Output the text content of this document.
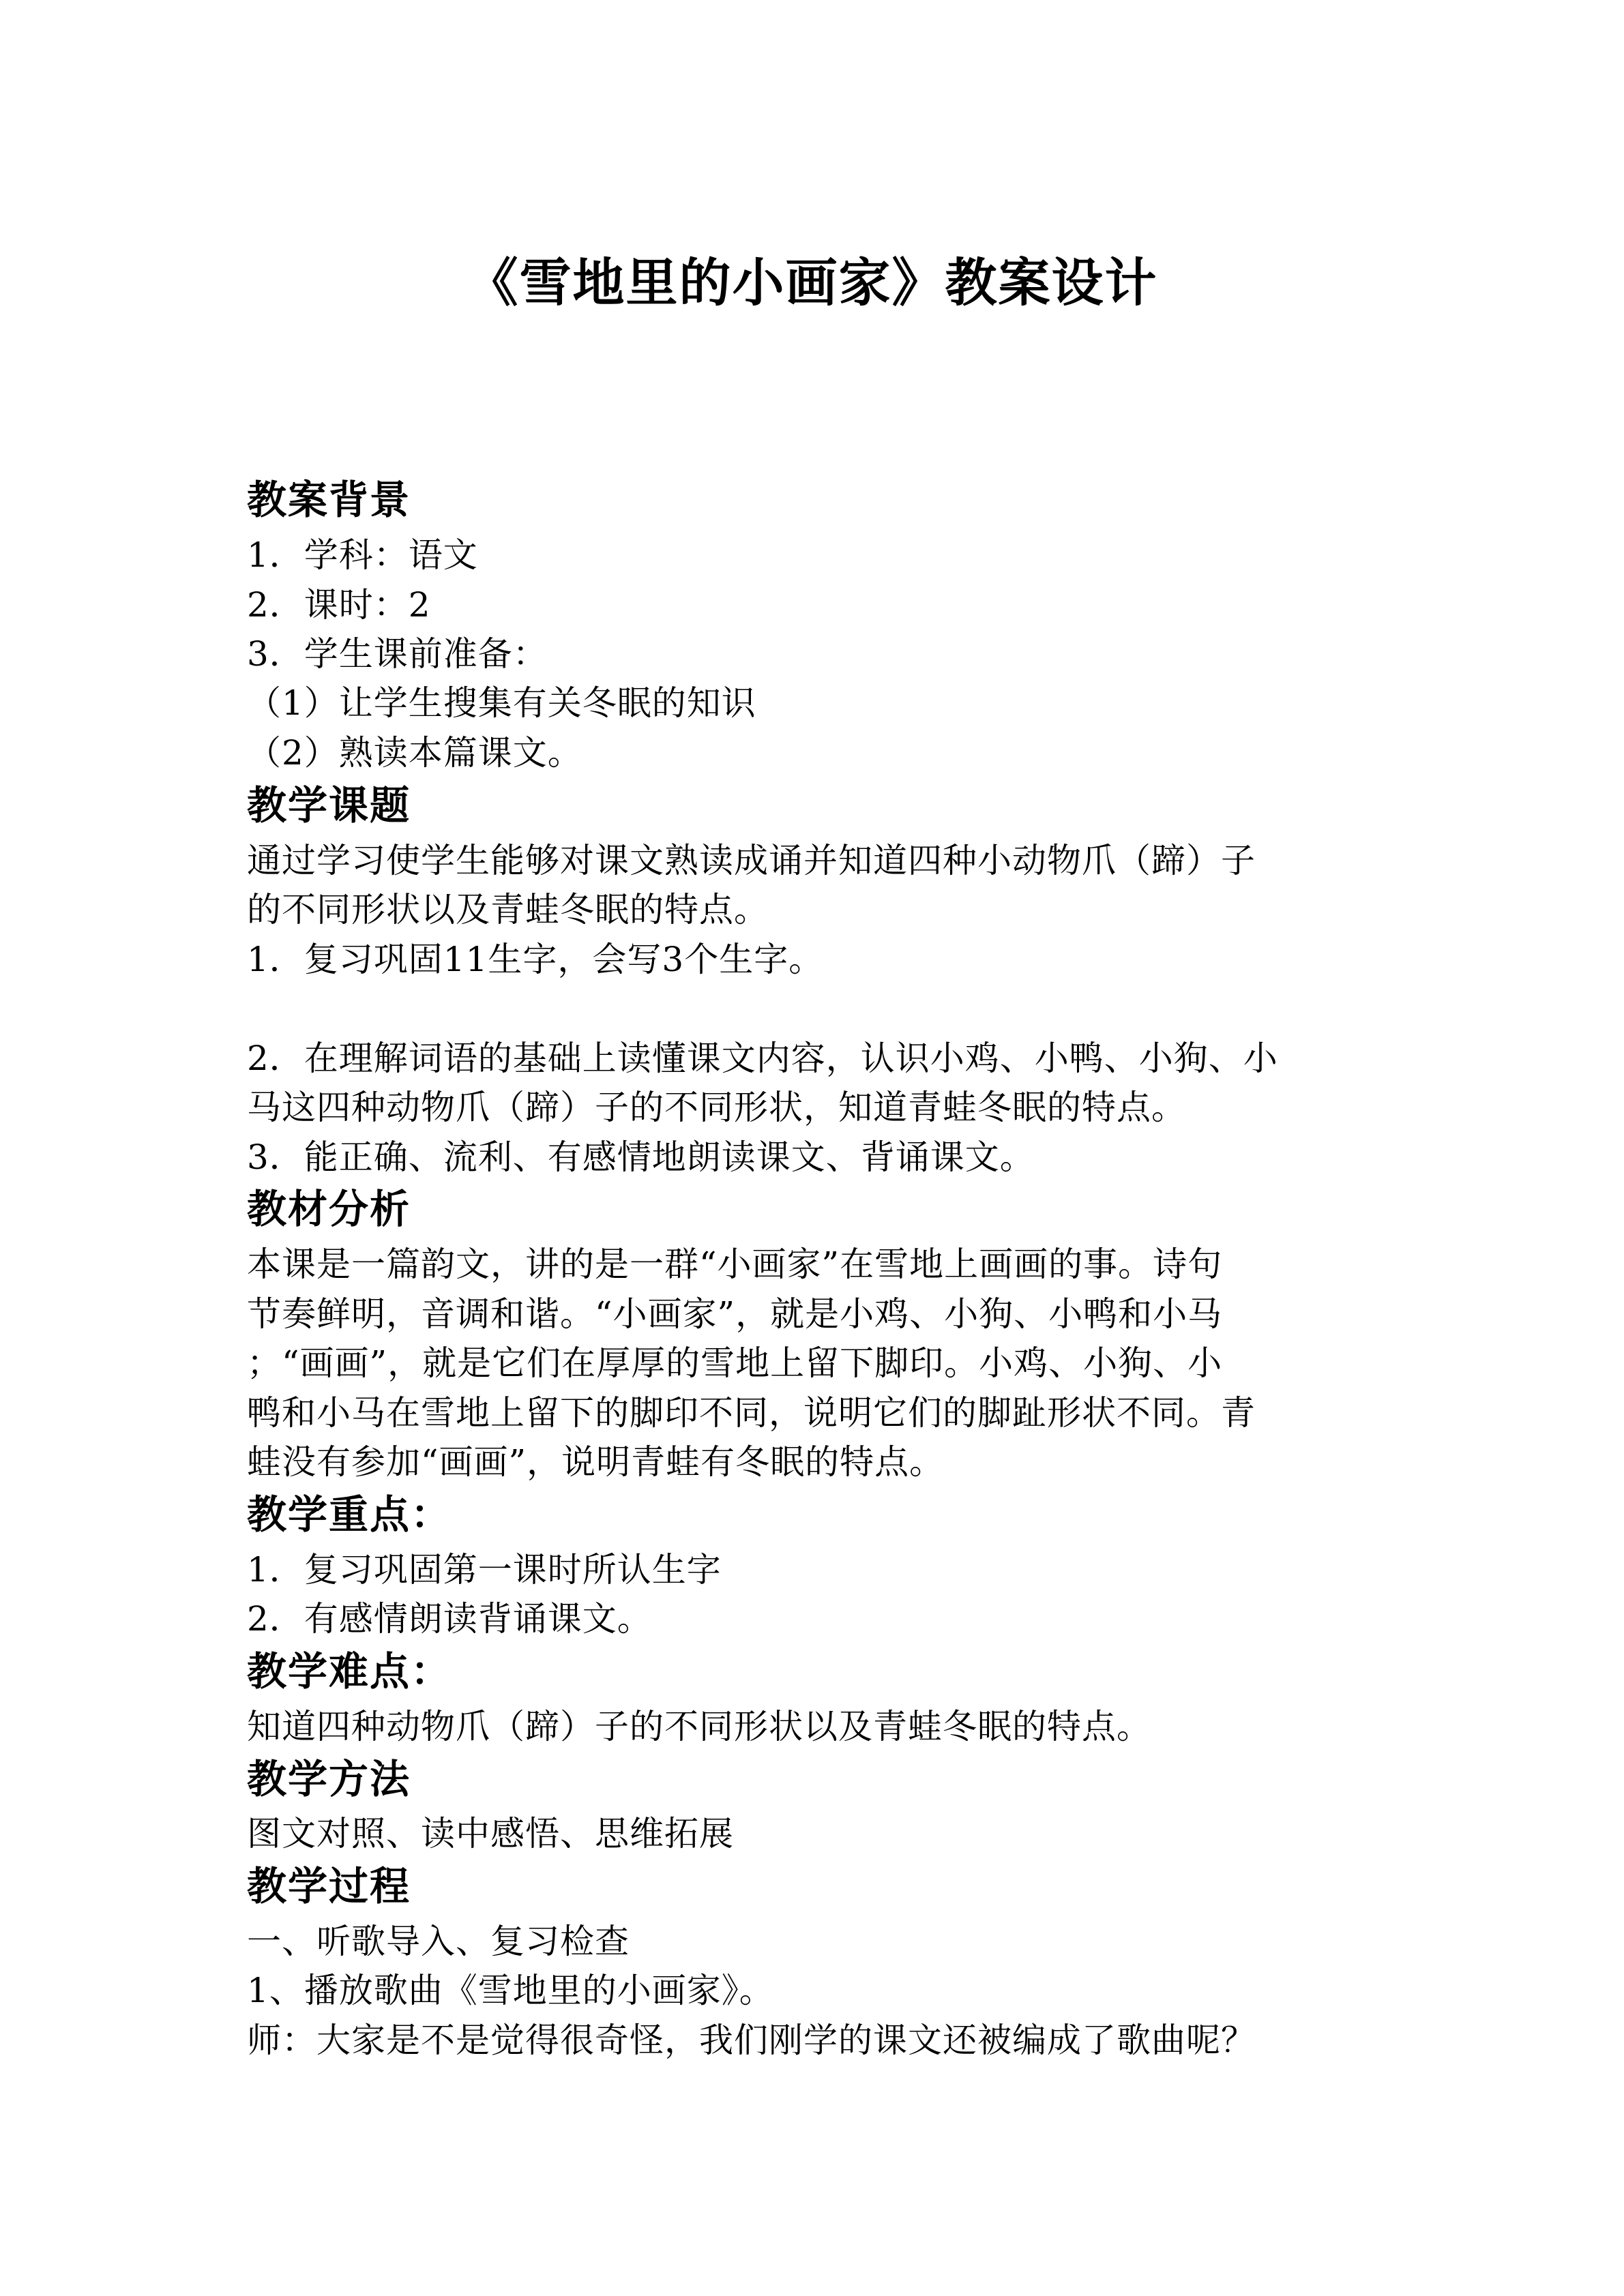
《雪地里的小画家》教案设计
教案背景
1．学科：语文
2．课时：2
3．学生课前准备：
（1）让学生搜集有关冬眠的知识
（2）熟读本篇课文。
教学课题
通过学习使学生能够对课文熟读成诵并知道四种小动物爪（蹄）子
的不同形状以及青蛙冬眠的特点。
1．复习巩固11生字，会写3个生字。
2．在理解词语的基础上读懂课文内容，认识小鸡、小鸭、小狗、小
马这四种动物爪（蹄）子的不同形状，知道青蛙冬眠的特点。
3．能正确、流利、有感情地朗读课文、背诵课文。
教材分析
本课是一篇韵文，讲的是一群“小画家”在雪地上画画的事。诗句
节奏鲜明，音调和谐。“小画家”，就是小鸡、小狗、小鸭和小马
；“画画”，就是它们在厚厚的雪地上留下脚印。小鸡、小狗、小
鸭和小马在雪地上留下的脚印不同，说明它们的脚趾形状不同。青
蛙没有参加“画画”，说明青蛙有冬眠的特点。
教学重点：
1．复习巩固第一课时所认生字
2．有感情朗读背诵课文。
教学难点：
知道四种动物爪（蹄）子的不同形状以及青蛙冬眠的特点。
教学方法
图文对照、读中感悟、思维拓展
教学过程
一、听歌导入、复习检查
1、播放歌曲《雪地里的小画家》。
师：大家是不是觉得很奇怪，我们刚学的课文还被编成了歌曲呢？
